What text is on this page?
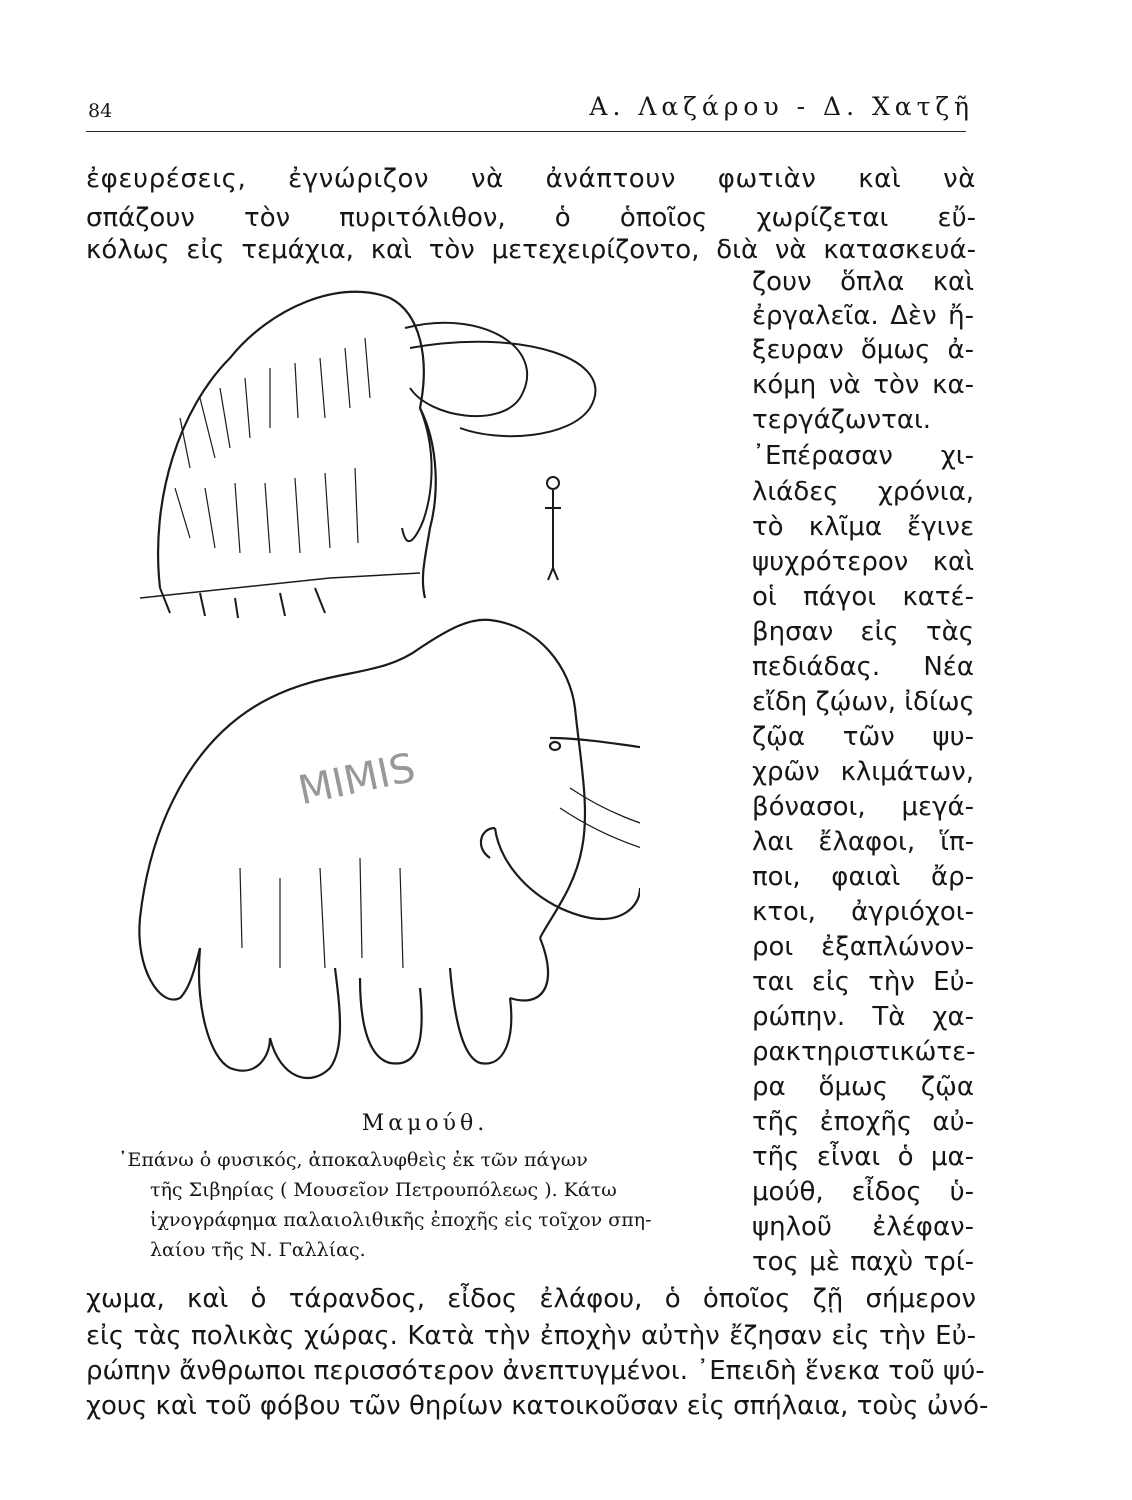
84	Α. Λαζάρου - Δ. Χατζῆ
ἐφευρέσεις, ἐγνώριζον νὰ ἀνάπτουν φωτιὰν καὶ νὰ
σπάζουν τὸν πυριτόλιθον, ὁ ὁποῖος χωρίζεται εὔ-
κόλως εἰς τεμάχια, καὶ τὸν μετεχειρίζοντο, διὰ νὰ κατασκευά-
ζουν ὅπλα καὶ
ἐργαλεῖα. Δὲν ἤ-
ξευραν ὅμως ἀ-
κόμη νὰ τὸν κα-
τεργάζωνται.
᾽Επέρασαν χι-
λιάδες χρόνια,
τὸ κλῖμα ἔγινε
ψυχρότερον καὶ
οἱ πάγοι κατέ-
βησαν εἰς τὰς
πεδιάδας. Νέα
εἴδη ζῴων, ἰδίως
ζῷα τῶν ψυ-
χρῶν κλιμάτων,
βόνασοι, μεγά-
λαι ἔλαφοι, ἵπ-
ποι, φαιαὶ ἄρ-
κτοι, ἀγριόχοι-
ροι ἐξαπλώνον-
ται εἰς τὴν Εὐ-
ρώπην. Τὰ χα-
ρακτηριστικώτε-
ρα ὅμως ζῷα
τῆς ἐποχῆς αὐ-
τῆς εἶναι ὁ μα-
μούθ, εἶδος ὑ-
ψηλοῦ ἐλέφαν-
τος μὲ παχὺ τρί-
χωμα, καὶ ὁ τάρανδος, εἶδος ἐλάφου, ὁ ὁποῖος ζῇ σήμερον
εἰς τὰς πολικὰς χώρας. Κατὰ τὴν ἐποχὴν αὐτὴν ἔζησαν εἰς τὴν Εὐ-
ρώπην ἄνθρωποι περισσότερον ἀνεπτυγμένοι. ᾽Επειδὴ ἕνεκα τοῦ ψύ-
χους καὶ τοῦ φόβου τῶν θηρίων κατοικοῦσαν εἰς σπήλαια, τοὺς ὠνό-
MIMIS
Μαμούθ.
᾽Επάνω ὁ φυσικός, ἀποκαλυφθεὶς ἐκ τῶν πάγων
τῆς Σιβηρίας ( Μουσεῖον Πετρουπόλεως ). Κάτω
ἰχνογράφημα παλαιολιθικῆς ἐποχῆς εἰς τοῖχον σπη-
λαίου τῆς Ν. Γαλλίας.
